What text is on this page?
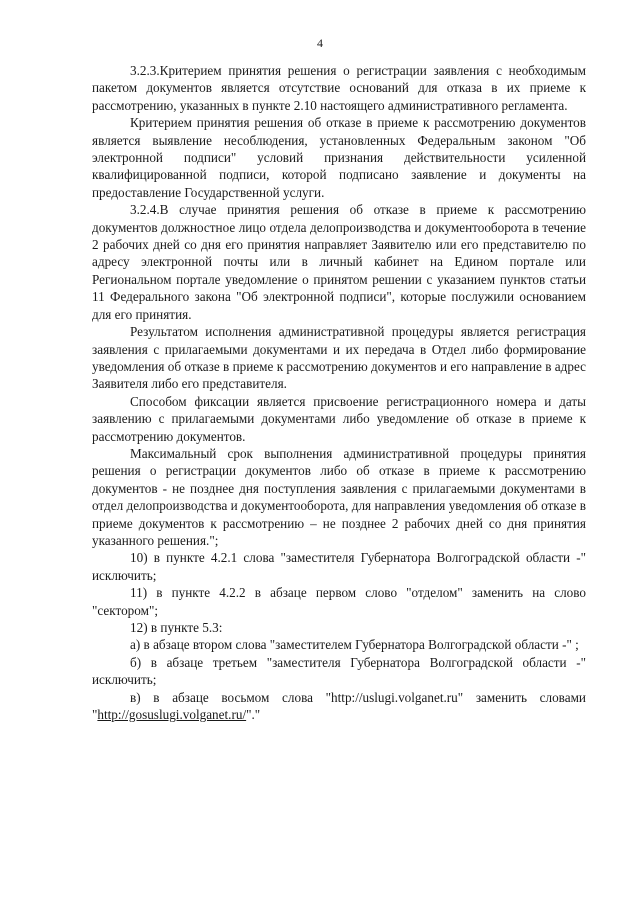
4

3.2.3.Критерием принятия решения о регистрации заявления с необходимым пакетом документов является отсутствие оснований для отказа в их приеме к рассмотрению, указанных в пункте 2.10 настоящего административного регламента.

Критерием принятия решения об отказе в приеме к рассмотрению документов является выявление несоблюдения, установленных Федеральным законом "Об электронной подписи" условий признания действительности усиленной квалифицированной подписи, которой подписано заявление и документы на предоставление Государственной услуги.

3.2.4.В случае принятия решения об отказе в приеме к рассмотрению документов должностное лицо отдела делопроизводства и документооборота в течение 2 рабочих дней со дня его принятия направляет Заявителю или его представителю по адресу электронной почты или в личный кабинет на Едином портале или Региональном портале уведомление о принятом решении с указанием пунктов статьи 11 Федерального закона "Об электронной подписи", которые послужили основанием для его принятия.

Результатом исполнения административной процедуры является регистрация заявления с прилагаемыми документами и их передача в Отдел либо формирование уведомления об отказе в приеме к рассмотрению документов и его направление в адрес Заявителя либо его представителя.

Способом фиксации является присвоение регистрационного номера и даты заявлению с прилагаемыми документами либо уведомление об отказе в приеме к рассмотрению документов.

Максимальный срок выполнения административной процедуры принятия решения о регистрации документов либо об отказе в приеме к рассмотрению документов - не позднее дня поступления заявления с прилагаемыми документами в отдел делопроизводства и документооборота, для направления уведомления об отказе в приеме документов к рассмотрению – не позднее 2 рабочих дней со дня принятия указанного решения.";

10) в пункте 4.2.1 слова "заместителя Губернатора Волгоградской области -" исключить;

11) в пункте 4.2.2 в абзаце первом слово "отделом" заменить на слово "сектором";

12) в пункте 5.3:

а) в абзаце втором слова "заместителем Губернатора Волгоградской области -" ;

б) в абзаце третьем "заместителя Губернатора Волгоградской области -" исключить;

в) в абзаце восьмом слова "http://uslugi.volganet.ru" заменить словами "http://gosuslugi.volganet.ru/"."
